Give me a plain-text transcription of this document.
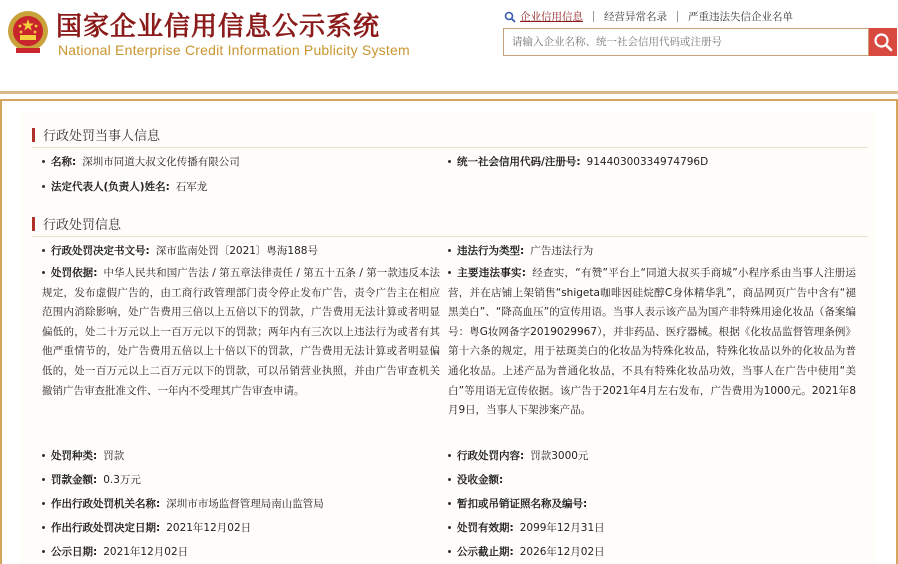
国家企业信用信息公示系统
National Enterprise Credit Information Publicity System
企业信用信息	经营异常名录	严重违法失信企业名单
请输入企业名称、统一社会信用代码或注册号
行政处罚当事人信息
名称: 深圳市同道大叔文化传播有限公司	统一社会信用代码/注册号: 91440300334974796D
法定代表人(负责人)姓名: 石军龙
行政处罚信息
行政处罚决定书文号: 深市监南处罚〔2021〕粤海188号	违法行为类型: 广告违法行为
处罚依据: 中华人民共和国广告法 / 第五章法律责任 / 第五十五条 / 第一款违反本法规定，发布虚假广告的，由工商行政管理部门责令停止发布广告，责令广告主在相应范围内消除影响，处广告费用三倍以上五倍以下的罚款，广告费用无法计算或者明显偏低的，处二十万元以上一百万元以下的罚款；两年内有三次以上违法行为或者有其他严重情节的，处广告费用五倍以上十倍以下的罚款，广告费用无法计算或者明显偏低的，处一百万元以上二百万元以下的罚款，可以吊销营业执照，并由广告审查机关撤销广告审查批准文件、一年内不受理其广告审查申请。
主要违法事实: 经查实，“有赞”平台上“同道大叔买手商城”小程序系由当事人注册运营，并在店铺上架销售“shigeta咖啡因硅烷醇C身体精华乳”，商品网页广告中含有“褪黑美白”、“降高血压”的宣传用语。当事人表示该产品为国产非特殊用途化妆品（备案编号：粤G妆网备字2019029967），并非药品、医疗器械。根据《化妆品监督管理条例》第十六条的规定，用于祛斑美白的化妆品为特殊化妆品，特殊化妆品以外的化妆品为普通化妆品。上述产品为普通化妆品，不具有特殊化妆品功效，当事人在广告中使用“美白”等用语无宣传依据。该广告于2021年4月左右发布，广告费用为1000元。2021年8月9日，当事人下架涉案产品。
处罚种类: 罚款	行政处罚内容: 罚款3000元
罚款金额: 0.3万元	没收金额:
作出行政处罚机关名称: 深圳市市场监督管理局南山监管局	暂扣或吊销证照名称及编号:
作出行政处罚决定日期: 2021年12月02日	处罚有效期: 2099年12月31日
公示日期: 2021年12月02日	公示截止期: 2026年12月02日
